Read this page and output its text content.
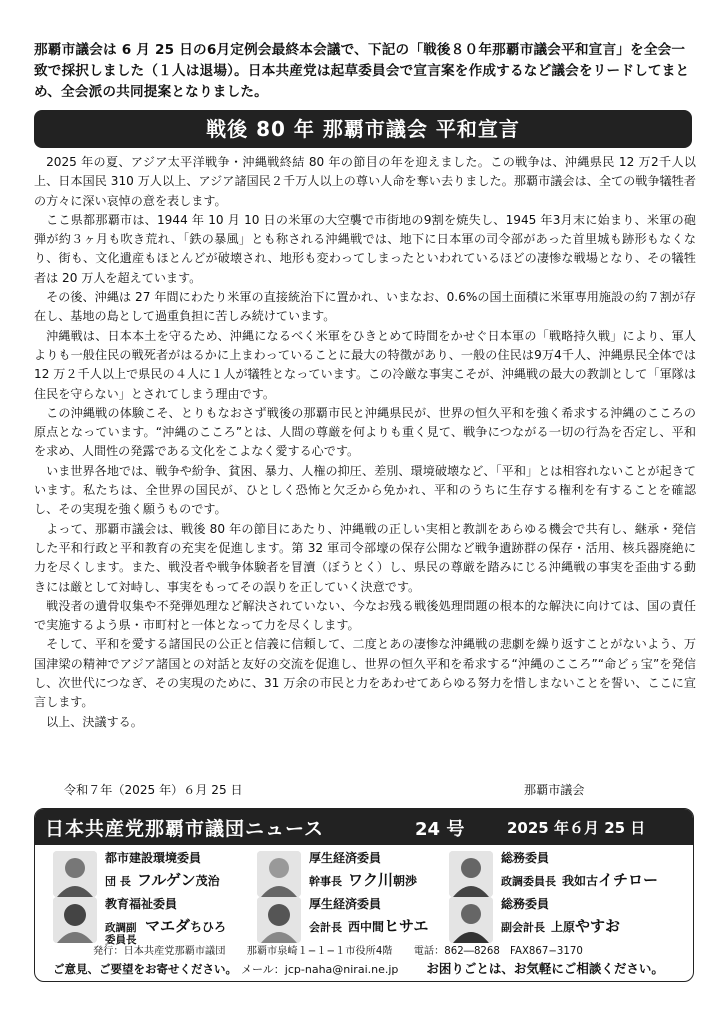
那覇市議会は 6 月 25 日の6月定例会最終本会議で、下記の「戦後８０年那覇市議会平和宣言」を全会一致で採択しました（１人は退場）。日本共産党は起草委員会で宣言案を作成するなど議会をリードしてまとめ、全会派の共同提案となりました。
戦後 80 年 那覇市議会 平和宣言

2025 年の夏、アジア太平洋戦争・沖縄戦終結 80 年の節目の年を迎えました。この戦争は、沖縄県民 12 万2千人以上、日本国民 310 万人以上、アジア諸国民２千万人以上の尊い人命を奪い去りました。那覇市議会は、全ての戦争犠牲者の方々に深い哀悼の意を表します。

ここ県都那覇市は、1944 年 10 月 10 日の米軍の大空襲で市街地の9割を焼失し、1945 年3月末に始まり、米軍の砲弾が約３ヶ月も吹き荒れ、「鉄の暴風」とも称される沖縄戦では、地下に日本軍の司令部があった首里城も跡形もなくなり、街も、文化遺産もほとんどが破壊され、地形も変わってしまったといわれているほどの凄惨な戦場となり、その犠牲者は 20 万人を超えています。

その後、沖縄は 27 年間にわたり米軍の直接統治下に置かれ、いまなお、0.6%の国土面積に米軍専用施設の約７割が存在し、基地の島として過重負担に苦しみ続けています。

沖縄戦は、日本本土を守るため、沖縄になるべく米軍をひきとめて時間をかせぐ日本軍の「戦略持久戦」により、軍人よりも一般住民の戦死者がはるかに上まわっていることに最大の特徴があり、一般の住民は9万4千人、沖縄県民全体では 12 万２千人以上で県民の４人に１人が犠牲となっています。この冷厳な事実こそが、沖縄戦の最大の教訓として「軍隊は住民を守らない」とされてしまう理由です。

この沖縄戦の体験こそ、とりもなおさず戦後の那覇市民と沖縄県民が、世界の恒久平和を強く希求する沖縄のこころの原点となっています。“沖縄のこころ”とは、人間の尊厳を何よりも重く見て、戦争につながる一切の行為を否定し、平和を求め、人間性の発露である文化をこよなく愛する心です。

いま世界各地では、戦争や紛争、貧困、暴力、人権の抑圧、差別、環境破壊など、「平和」とは相容れないことが起きています。私たちは、全世界の国民が、ひとしく恐怖と欠乏から免かれ、平和のうちに生存する権利を有することを確認し、その実現を強く願うものです。

よって、那覇市議会は、戦後 80 年の節目にあたり、沖縄戦の正しい実相と教訓をあらゆる機会で共有し、継承・発信した平和行政と平和教育の充実を促進します。第 32 軍司令部壕の保存公開など戦争遺跡群の保存・活用、核兵器廃絶に力を尽くします。また、戦没者や戦争体験者を冒瀆（ぼうとく）し、県民の尊厳を踏みにじる沖縄戦の事実を歪曲する動きには厳として対峙し、事実をもってその誤りを正していく決意です。

戦没者の遺骨収集や不発弾処理など解決されていない、今なお残る戦後処理問題の根本的な解決に向けては、国の責任で実施するよう県・市町村と一体となって力を尽くします。

そして、平和を愛する諸国民の公正と信義に信頼して、二度とあの凄惨な沖縄戦の悲劇を繰り返すことがないよう、万国津梁の精神でアジア諸国との対話と友好の交流を促進し、世界の恒久平和を希求する“沖縄のこころ”“命どぅ宝”を発信し、次世代につなぎ、その実現のために、31 万余の市民と力をあわせてあらゆる努力を惜しまないことを誓い、ここに宣言します。

以上、決議する。

令和７年（2025 年）６月 25 日	那覇市議会
日本共産党那覇市議団ニュース	24 号	2025 年６月 25 日
都市建設環境委員
団 長 フルゲン茂治
厚生経済委員
幹事長 ワク川朝渉
総務委員
政調委員長 我如古イチロー
教育福祉委員
政調副委員長
マエダちひろ
厚生経済委員
会計長 西中間ヒサエ
総務委員
副会計長 上原やすお
発行：日本共産党那覇市議団 那覇市泉崎１−１−１市役所4階 電話：862―8268　FAX867−3170
ご意見、ご要望をお寄せください。 メール：jcp-naha@nirai.ne.jp お困りごとは、お気軽にご相談ください。
